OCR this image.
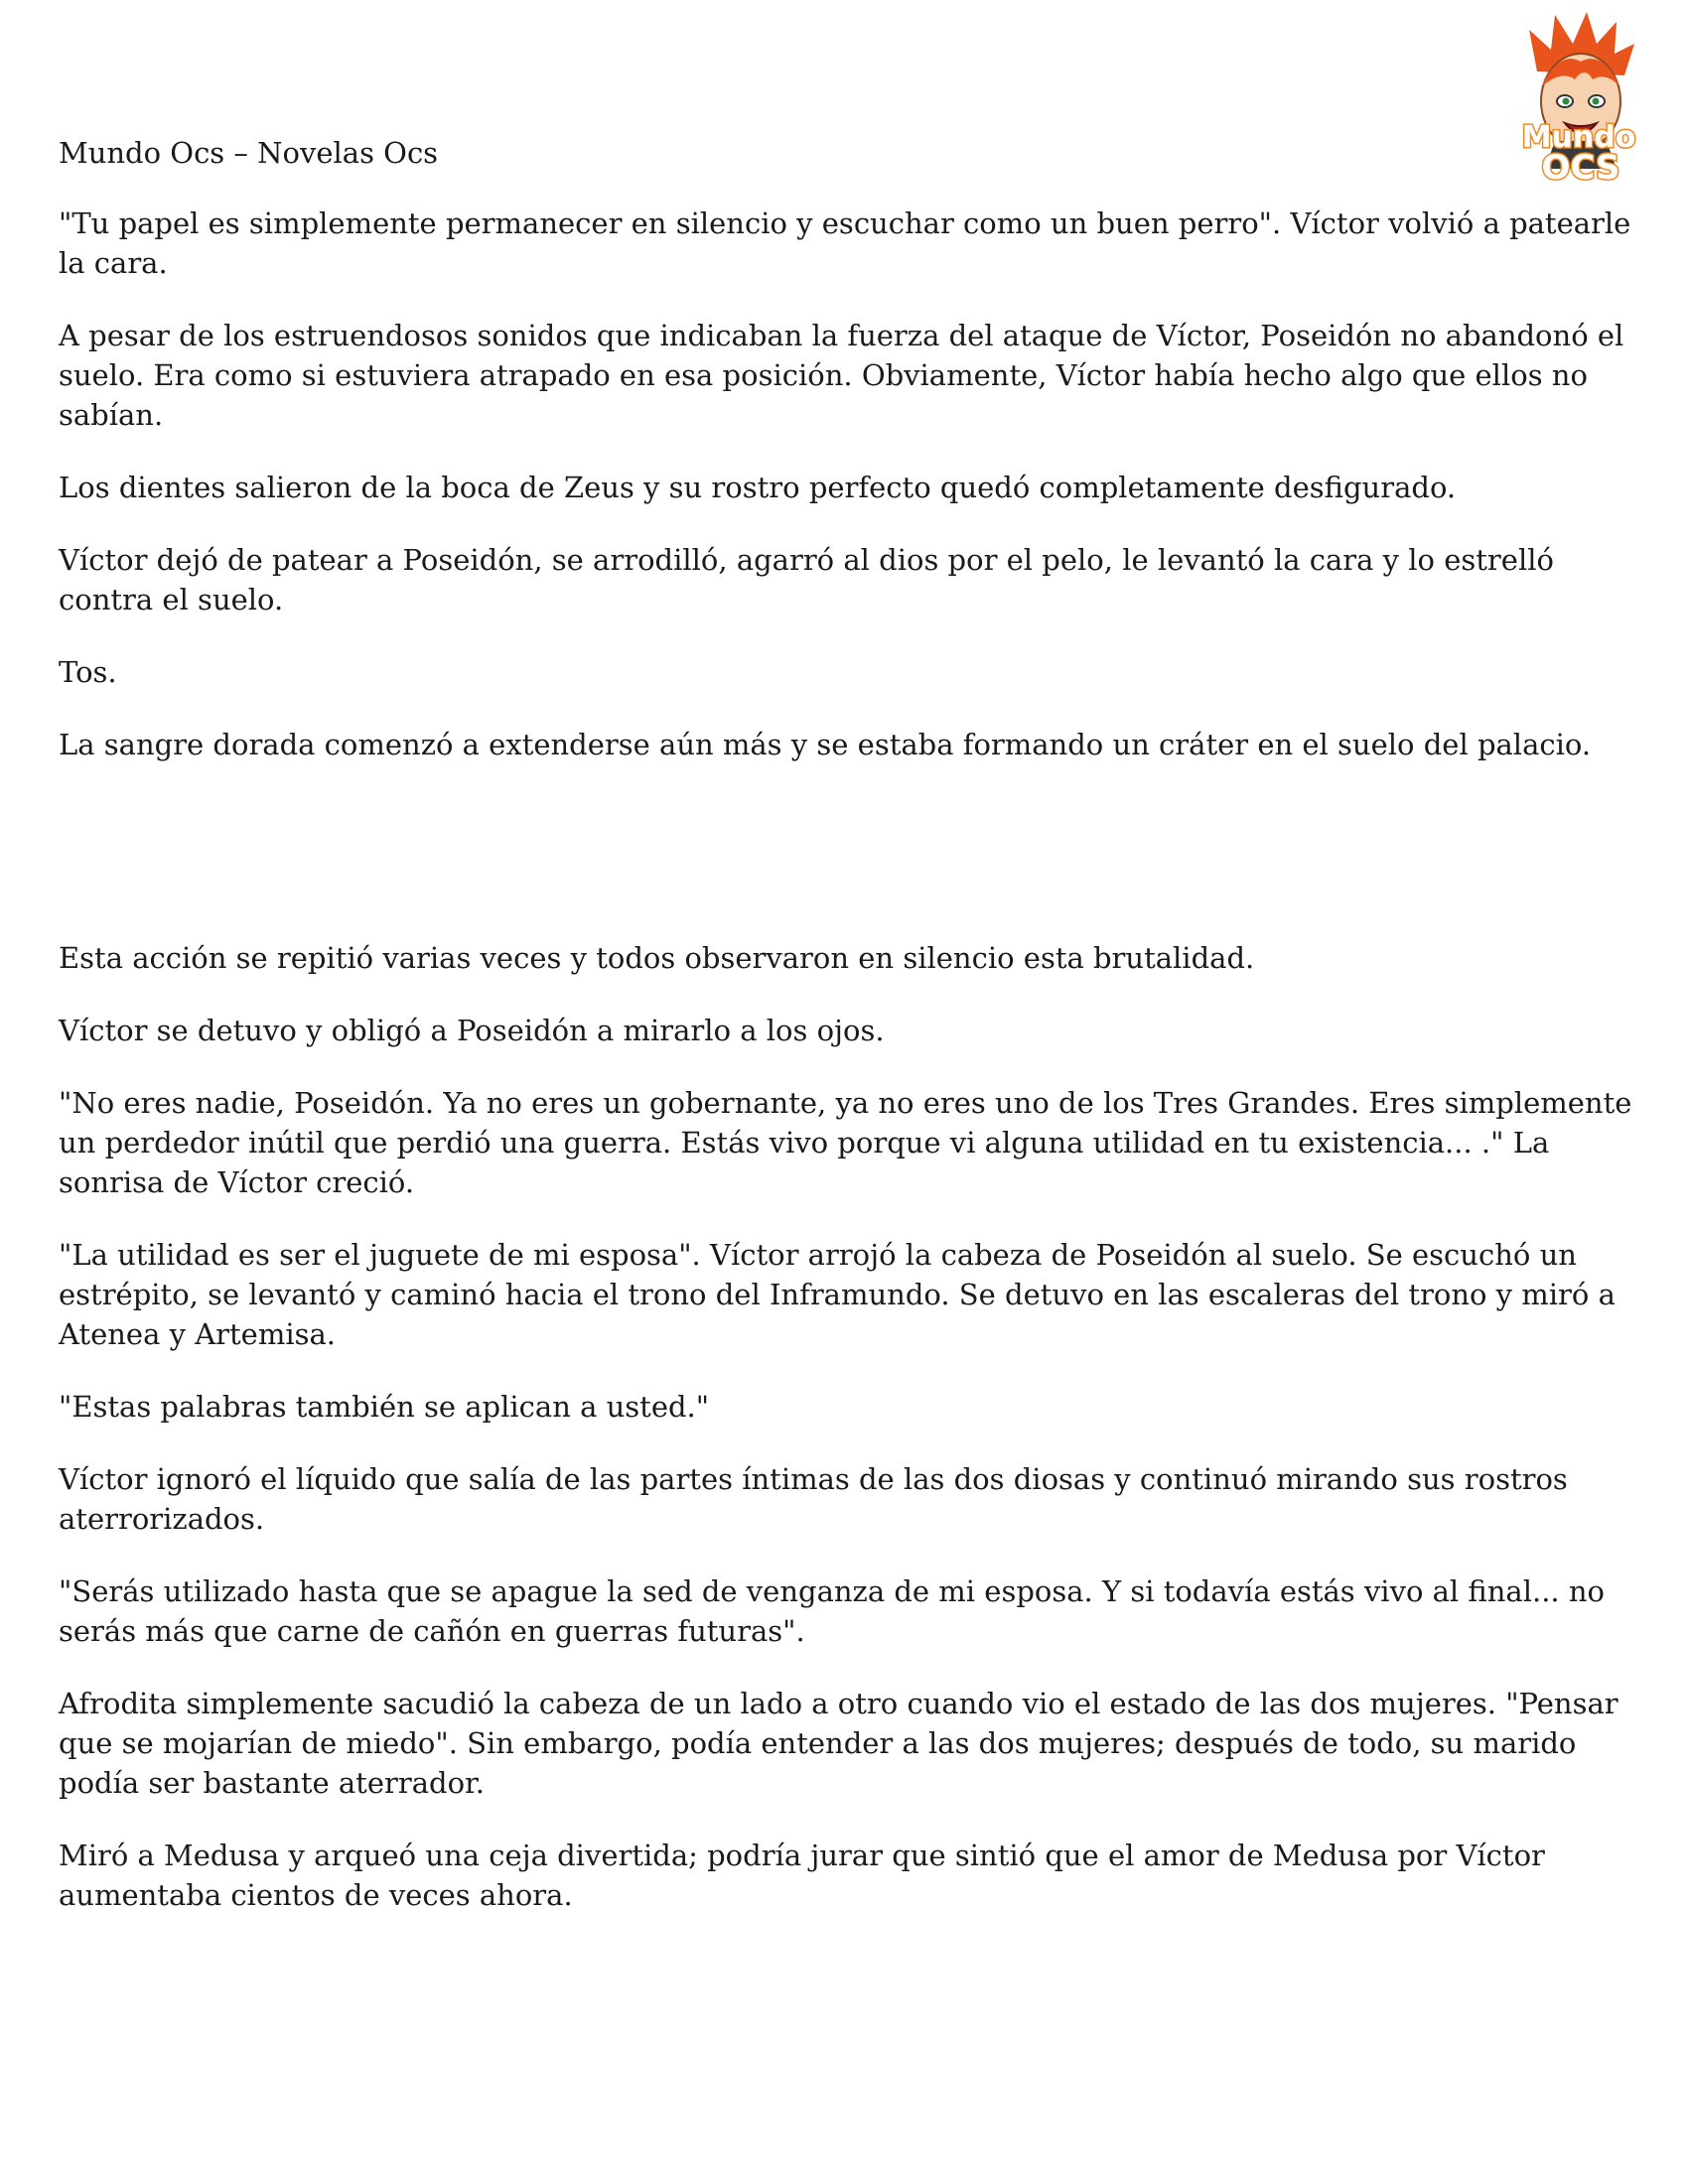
Mundo Ocs – Novelas Ocs	Mundo
OCS

"Tu papel es simplemente permanecer en silencio y escuchar como un buen perro". Víctor volvió a patearle la cara.

A pesar de los estruendosos sonidos que indicaban la fuerza del ataque de Víctor, Poseidón no abandonó el suelo. Era como si estuviera atrapado en esa posición. Obviamente, Víctor había hecho algo que ellos no sabían.

Los dientes salieron de la boca de Zeus y su rostro perfecto quedó completamente desfigurado.

Víctor dejó de patear a Poseidón, se arrodilló, agarró al dios por el pelo, le levantó la cara y lo estrelló contra el suelo.

Tos.

La sangre dorada comenzó a extenderse aún más y se estaba formando un cráter en el suelo del palacio.

Esta acción se repitió varias veces y todos observaron en silencio esta brutalidad.

Víctor se detuvo y obligó a Poseidón a mirarlo a los ojos.

"No eres nadie, Poseidón. Ya no eres un gobernante, ya no eres uno de los Tres Grandes. Eres simplemente un perdedor inútil que perdió una guerra. Estás vivo porque vi alguna utilidad en tu existencia... ." La sonrisa de Víctor creció.

"La utilidad es ser el juguete de mi esposa". Víctor arrojó la cabeza de Poseidón al suelo. Se escuchó un estrépito, se levantó y caminó hacia el trono del Inframundo. Se detuvo en las escaleras del trono y miró a Atenea y Artemisa.

"Estas palabras también se aplican a usted."

Víctor ignoró el líquido que salía de las partes íntimas de las dos diosas y continuó mirando sus rostros aterrorizados.

"Serás utilizado hasta que se apague la sed de venganza de mi esposa. Y si todavía estás vivo al final... no serás más que carne de cañón en guerras futuras".

Afrodita simplemente sacudió la cabeza de un lado a otro cuando vio el estado de las dos mujeres. "Pensar que se mojarían de miedo". Sin embargo, podía entender a las dos mujeres; después de todo, su marido podía ser bastante aterrador.

Miró a Medusa y arqueó una ceja divertida; podría jurar que sintió que el amor de Medusa por Víctor aumentaba cientos de veces ahora.
